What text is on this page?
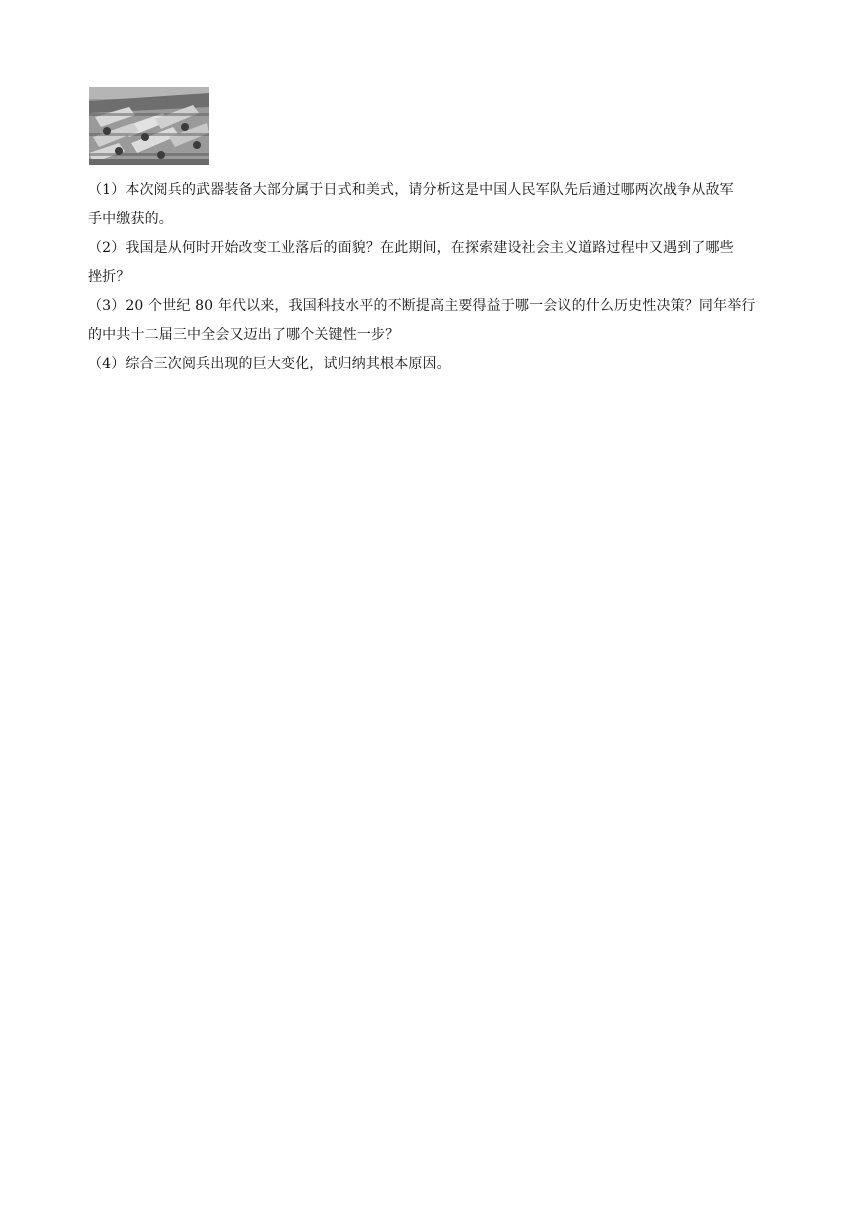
（1）本次阅兵的武器装备大部分属于日式和美式，请分析这是中国人民军队先后通过哪两次战争从敌军

手中缴获的。

（2）我国是从何时开始改变工业落后的面貌？在此期间，在探索建设社会主义道路过程中又遇到了哪些

挫折？

（3）20 个世纪 80 年代以来，我国科技水平的不断提高主要得益于哪一会议的什么历史性决策？同年举行

的中共十二届三中全会又迈出了哪个关键性一步？

（4）综合三次阅兵出现的巨大变化，试归纳其根本原因。
